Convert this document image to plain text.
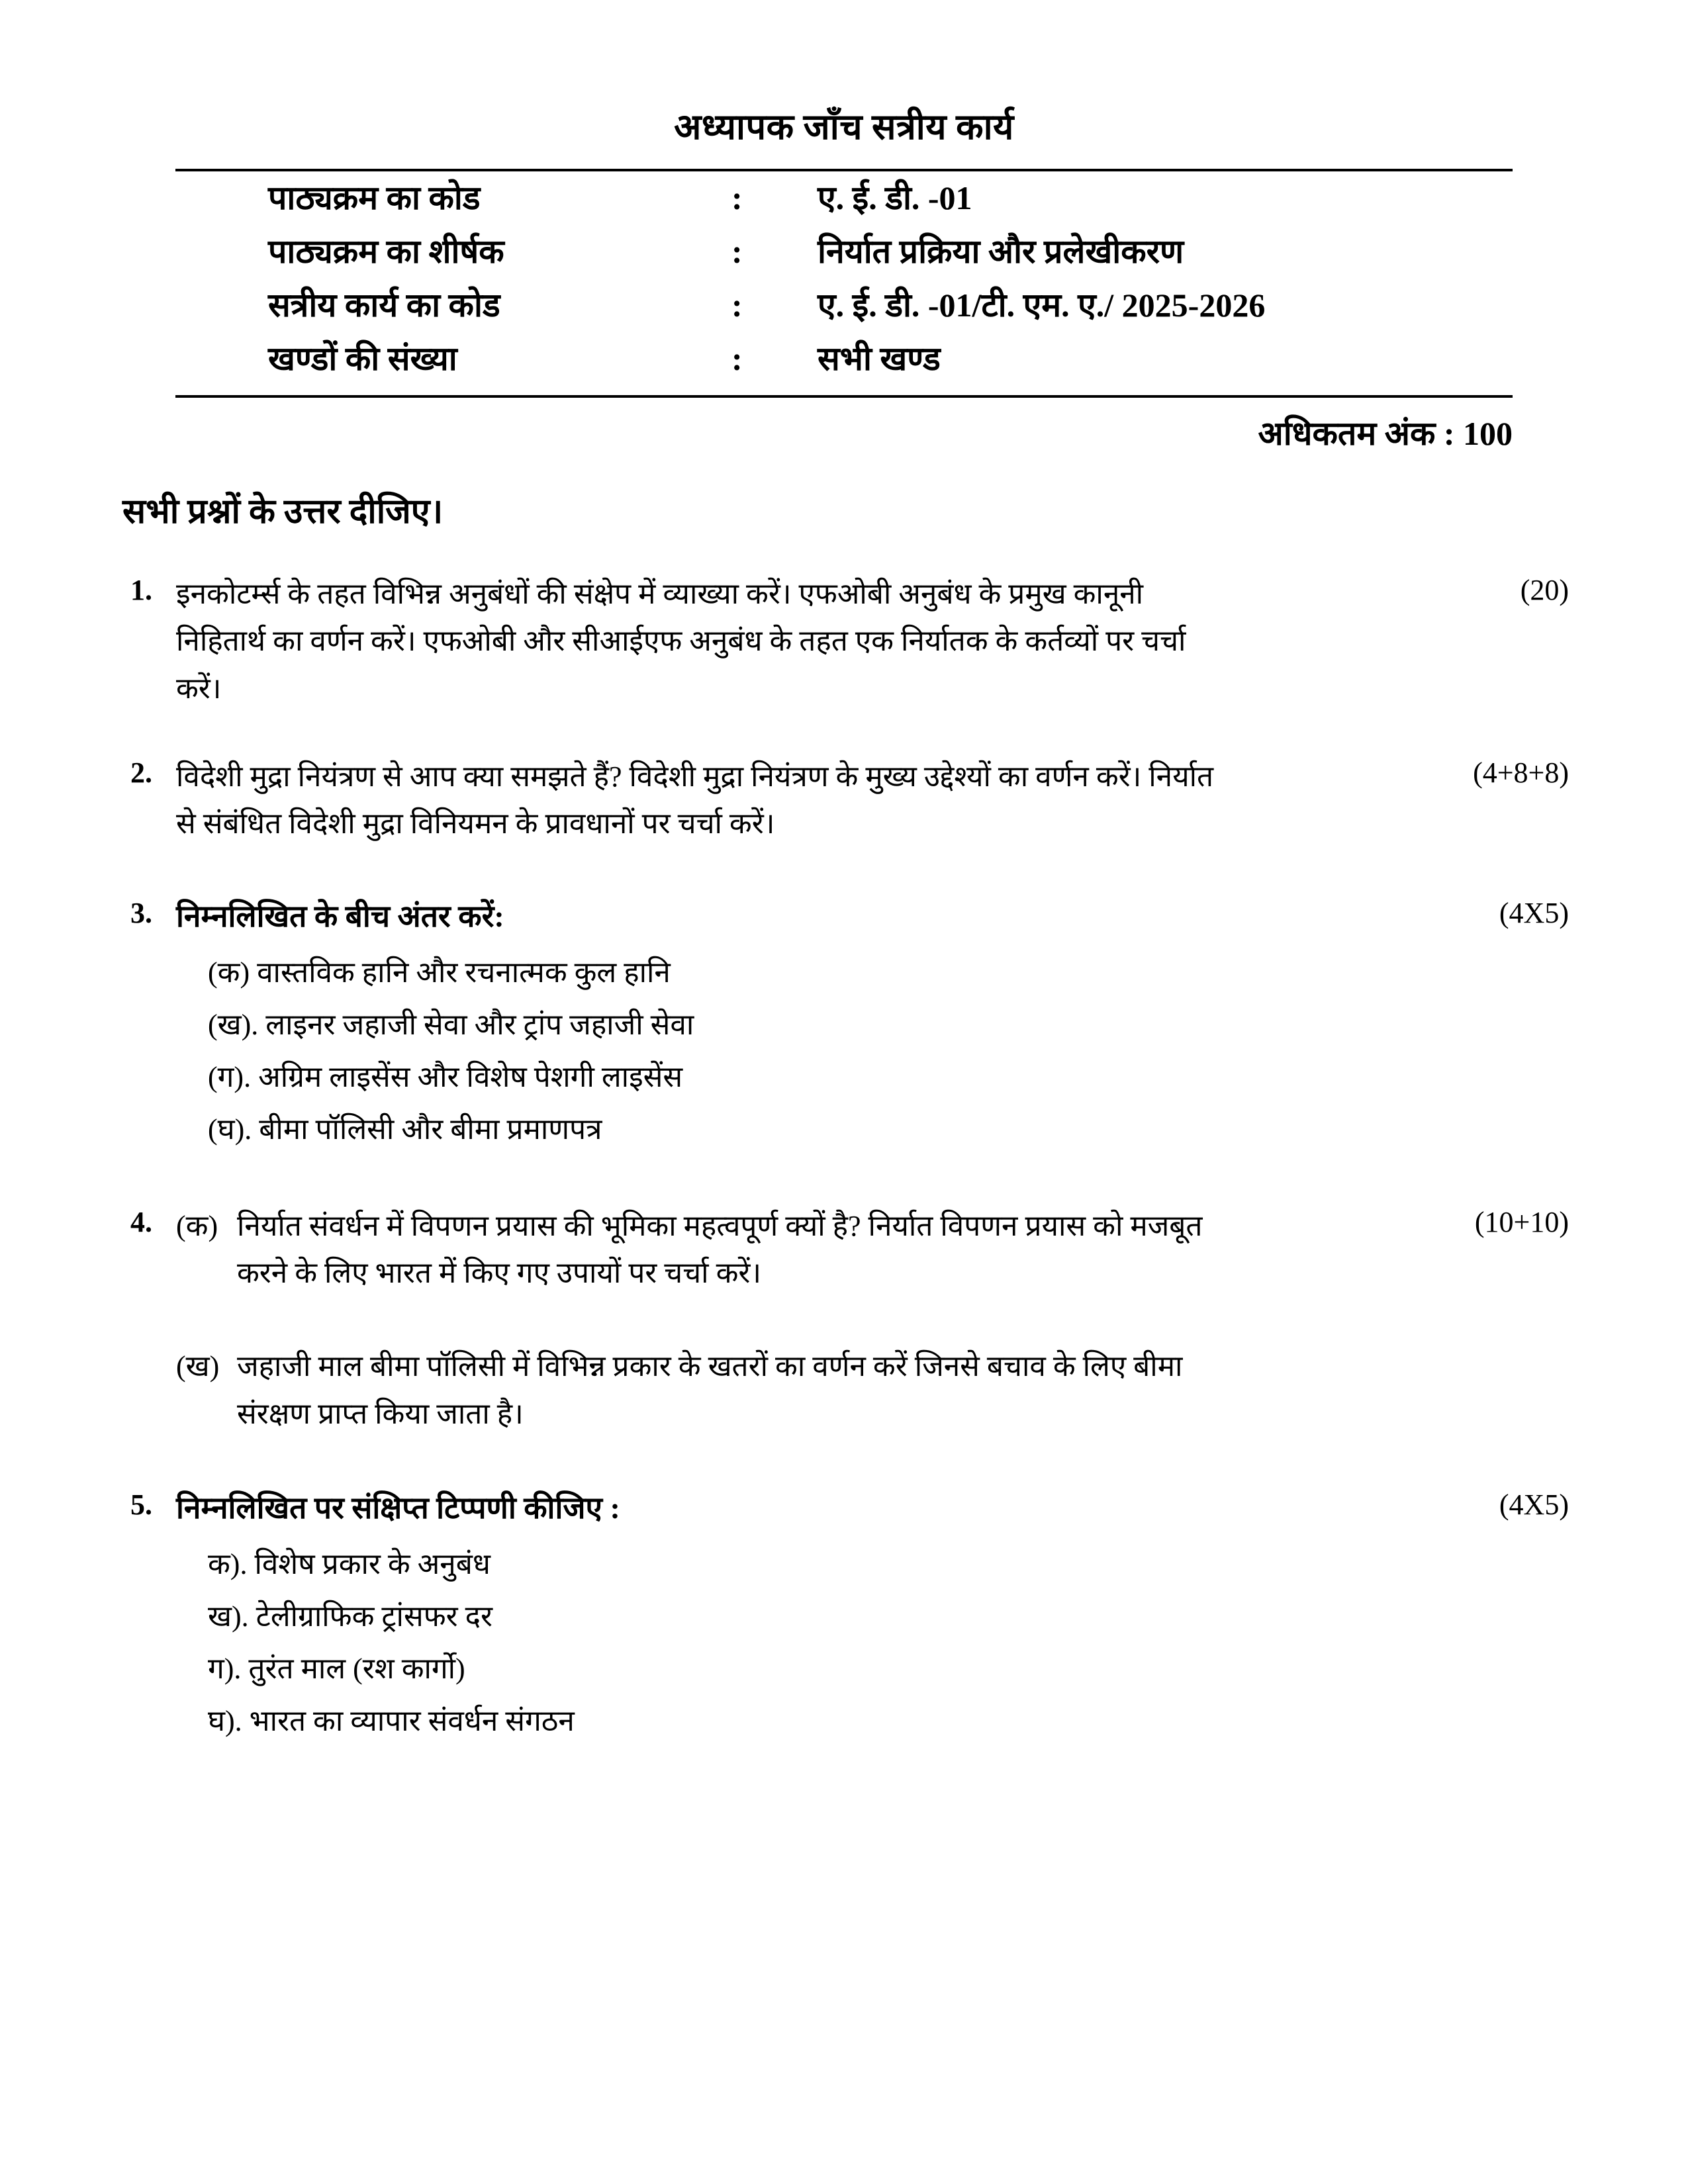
अध्यापक जाँच सत्रीय कार्य
पाठ्यक्रम का कोड	:	ए. ई. डी. -01
पाठ्यक्रम का शीर्षक	:	निर्यात प्रक्रिया और प्रलेखीकरण
सत्रीय कार्य का कोड	:	ए. ई. डी. -01/टी. एम. ए./ 2025-2026
खण्डों की संख्या	:	सभी खण्ड
अधिकतम अंक : 100
सभी प्रश्नों के उत्तर दीजिए।
1. इनकोटर्म्स के तहत विभिन्न अनुबंधों की संक्षेप में व्याख्या करें। एफओबी अनुबंध के प्रमुख कानूनी निहितार्थ का वर्णन करें। एफओबी और सीआईएफ अनुबंध के तहत एक निर्यातक के कर्तव्यों पर चर्चा करें।
(20)
2. विदेशी मुद्रा नियंत्रण से आप क्या समझते हैं? विदेशी मुद्रा नियंत्रण के मुख्य उद्देश्यों का वर्णन करें। निर्यात से संबंधित विदेशी मुद्रा विनियमन के प्रावधानों पर चर्चा करें।
(4+8+8)
3. निम्नलिखित के बीच अंतर करें:
(क) वास्तविक हानि और रचनात्मक कुल हानि
(ख). लाइनर जहाजी सेवा और ट्रांप जहाजी सेवा
(ग). अग्रिम लाइसेंस और विशेष पेशगी लाइसेंस
(घ). बीमा पॉलिसी और बीमा प्रमाणपत्र
(4X5)
4. (क) निर्यात संवर्धन में विपणन प्रयास की भूमिका महत्वपूर्ण क्यों है? निर्यात विपणन प्रयास को मजबूत करने के लिए भारत में किए गए उपायों पर चर्चा करें।
(ख) जहाजी माल बीमा पॉलिसी में विभिन्न प्रकार के खतरों का वर्णन करें जिनसे बचाव के लिए बीमा संरक्षण प्राप्त किया जाता है।
(10+10)
5. निम्नलिखित पर संक्षिप्त टिप्पणी कीजिए :
क). विशेष प्रकार के अनुबंध
ख). टेलीग्राफिक ट्रांसफर दर
ग). तुरंत माल (रश कार्गो)
घ). भारत का व्यापार संवर्धन संगठन
(4X5)
